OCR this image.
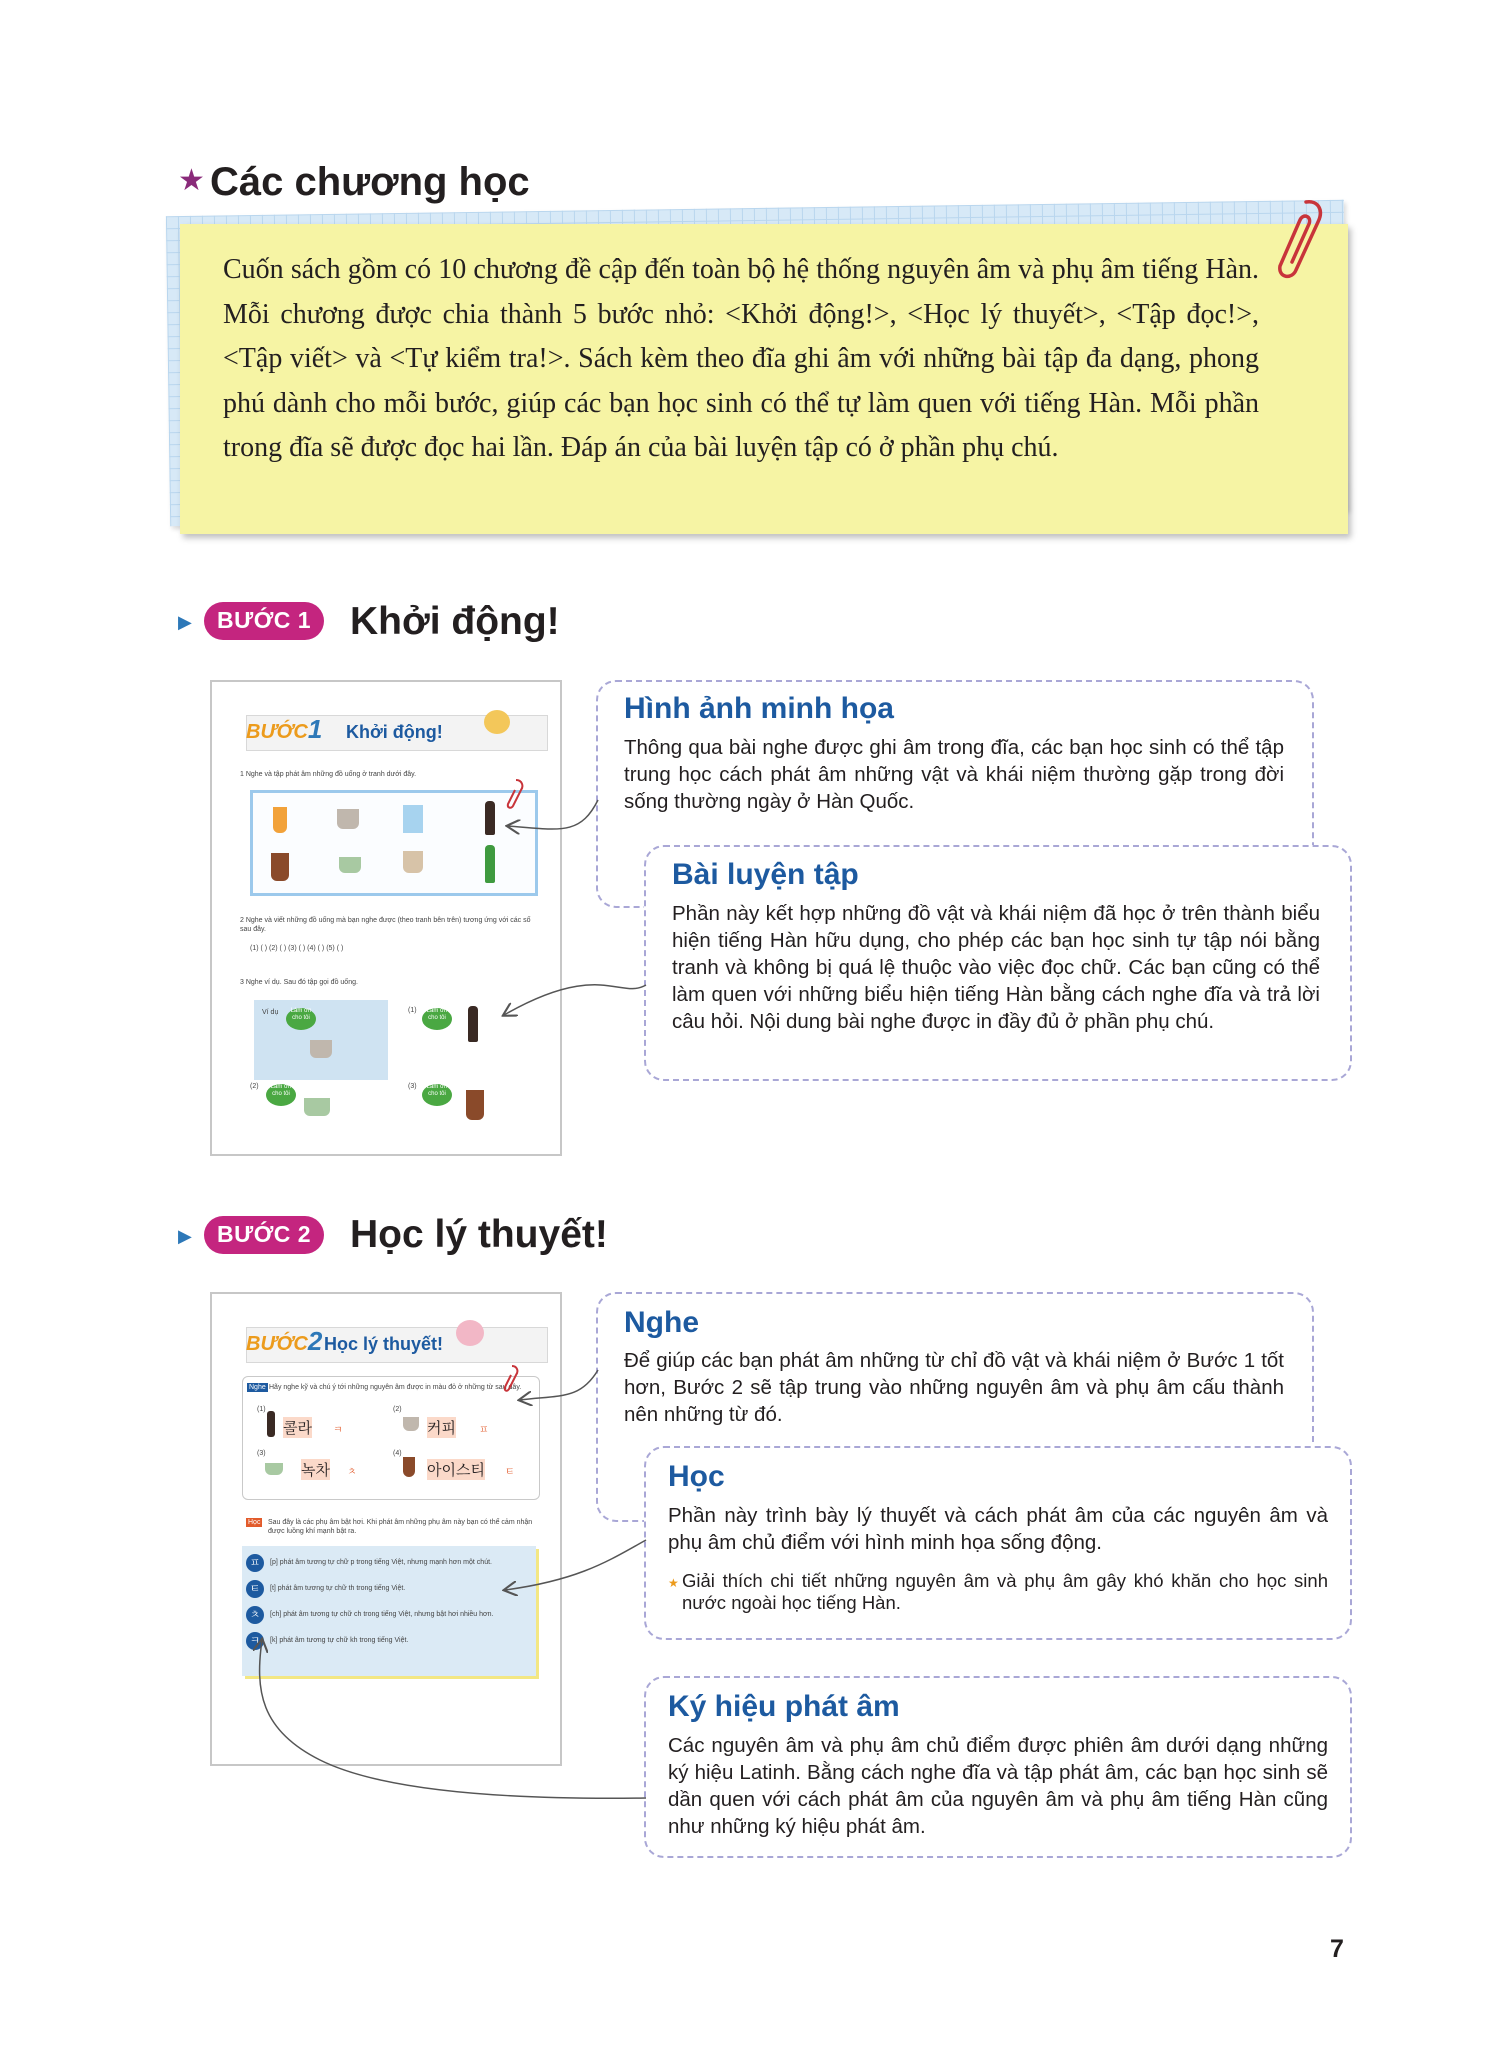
★ Các chương học
Cuốn sách gồm có 10 chương đề cập đến toàn bộ hệ thống nguyên âm và phụ âm tiếng Hàn. Mỗi chương được chia thành 5 bước nhỏ: <Khởi động!>, <Học lý thuyết>, <Tập đọc!>, <Tập viết> và <Tự kiểm tra!>. Sách kèm theo đĩa ghi âm với những bài tập đa dạng, phong phú dành cho mỗi bước, giúp các bạn học sinh có thể tự làm quen với tiếng Hàn. Mỗi phần trong đĩa sẽ được đọc hai lần. Đáp án của bài luyện tập có ở phần phụ chú.
▶	BƯỚC 1 Khởi động!
BƯỚC1 Khởi động!
1 Nghe và tập phát âm những đồ uống ở tranh dưới đây.
2 Nghe và viết những đồ uống mà bạn nghe được (theo tranh bên trên) tương ứng với các số sau đây.
(1) ( ) (2) ( ) (3) ( ) (4) ( ) (5) ( )
3 Nghe ví dụ. Sau đó tập gọi đồ uống.
Ví dụ	Làm ơn cho tôi
(1)	Làm ơn cho tôi
(2)	Làm ơn cho tôi
(3)	Làm ơn cho tôi
Hình ảnh minh họa
Thông qua bài nghe được ghi âm trong đĩa, các bạn học sinh có thể tập trung học cách phát âm những vật và khái niệm thường gặp trong đời sống thường ngày ở Hàn Quốc.
Bài luyện tập
Phần này kết hợp những đồ vật và khái niệm đã học ở trên thành biểu hiện tiếng Hàn hữu dụng, cho phép các bạn học sinh tự tập nói bằng tranh và không bị quá lệ thuộc vào việc đọc chữ. Các bạn cũng có thể làm quen với những biểu hiện tiếng Hàn bằng cách nghe đĩa và trả lời câu hỏi. Nội dung bài nghe được in đầy đủ ở phần phụ chú.
▶	BƯỚC 2 Học lý thuyết!
BƯỚC2 Học lý thuyết!
Nghe Hãy nghe kỹ và chú ý tới những nguyên âm được in màu đỏ ở những từ sau đây.
(1)
콜라 ㅋ
(2)
커피 ㅍ
(3)
녹차 ㅊ
(4)
아이스티 ㅌ
Học Sau đây là các phụ âm bật hơi. Khi phát âm những phụ âm này bạn có thể cảm nhận được luồng khí mạnh bật ra.
ㅍ	[p] phát âm tương tự chữ p trong tiếng Việt, nhưng mạnh hơn một chút.
ㅌ	[t] phát âm tương tự chữ th trong tiếng Việt.
ㅊ	[ch] phát âm tương tự chữ ch trong tiếng Việt, nhưng bật hơi nhiều hơn.
ㅋ	[k] phát âm tương tự chữ kh trong tiếng Việt.
Nghe
Để giúp các bạn phát âm những từ chỉ đồ vật và khái niệm ở Bước 1 tốt hơn, Bước 2 sẽ tập trung vào những nguyên âm và phụ âm cấu thành nên những từ đó.
Học
Phần này trình bày lý thuyết và cách phát âm của các nguyên âm và phụ âm chủ điểm với hình minh họa sống động.
★ Giải thích chi tiết những nguyên âm và phụ âm gây khó khăn cho học sinh nước ngoài học tiếng Hàn.
Ký hiệu phát âm
Các nguyên âm và phụ âm chủ điểm được phiên âm dưới dạng những ký hiệu Latinh. Bằng cách nghe đĩa và tập phát âm, các bạn học sinh sẽ dần quen với cách phát âm của nguyên âm và phụ âm tiếng Hàn cũng như những ký hiệu phát âm.
7
